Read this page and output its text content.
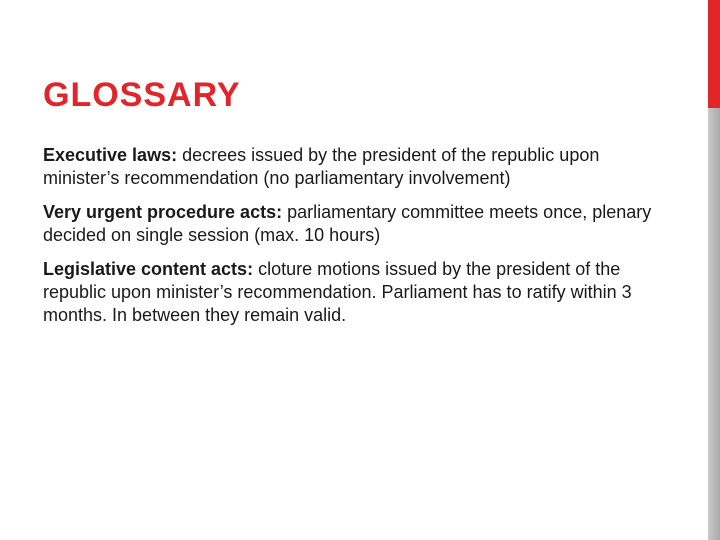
GLOSSARY

Executive laws: decrees issued by the president of the republic upon minister’s recommendation (no parliamentary involvement)

Very urgent procedure acts: parliamentary committee meets once, plenary decided on single session (max. 10 hours)

Legislative content acts: cloture motions issued by the president of the republic upon minister’s recommendation. Parliament has to ratify within 3 months. In between they remain valid.
